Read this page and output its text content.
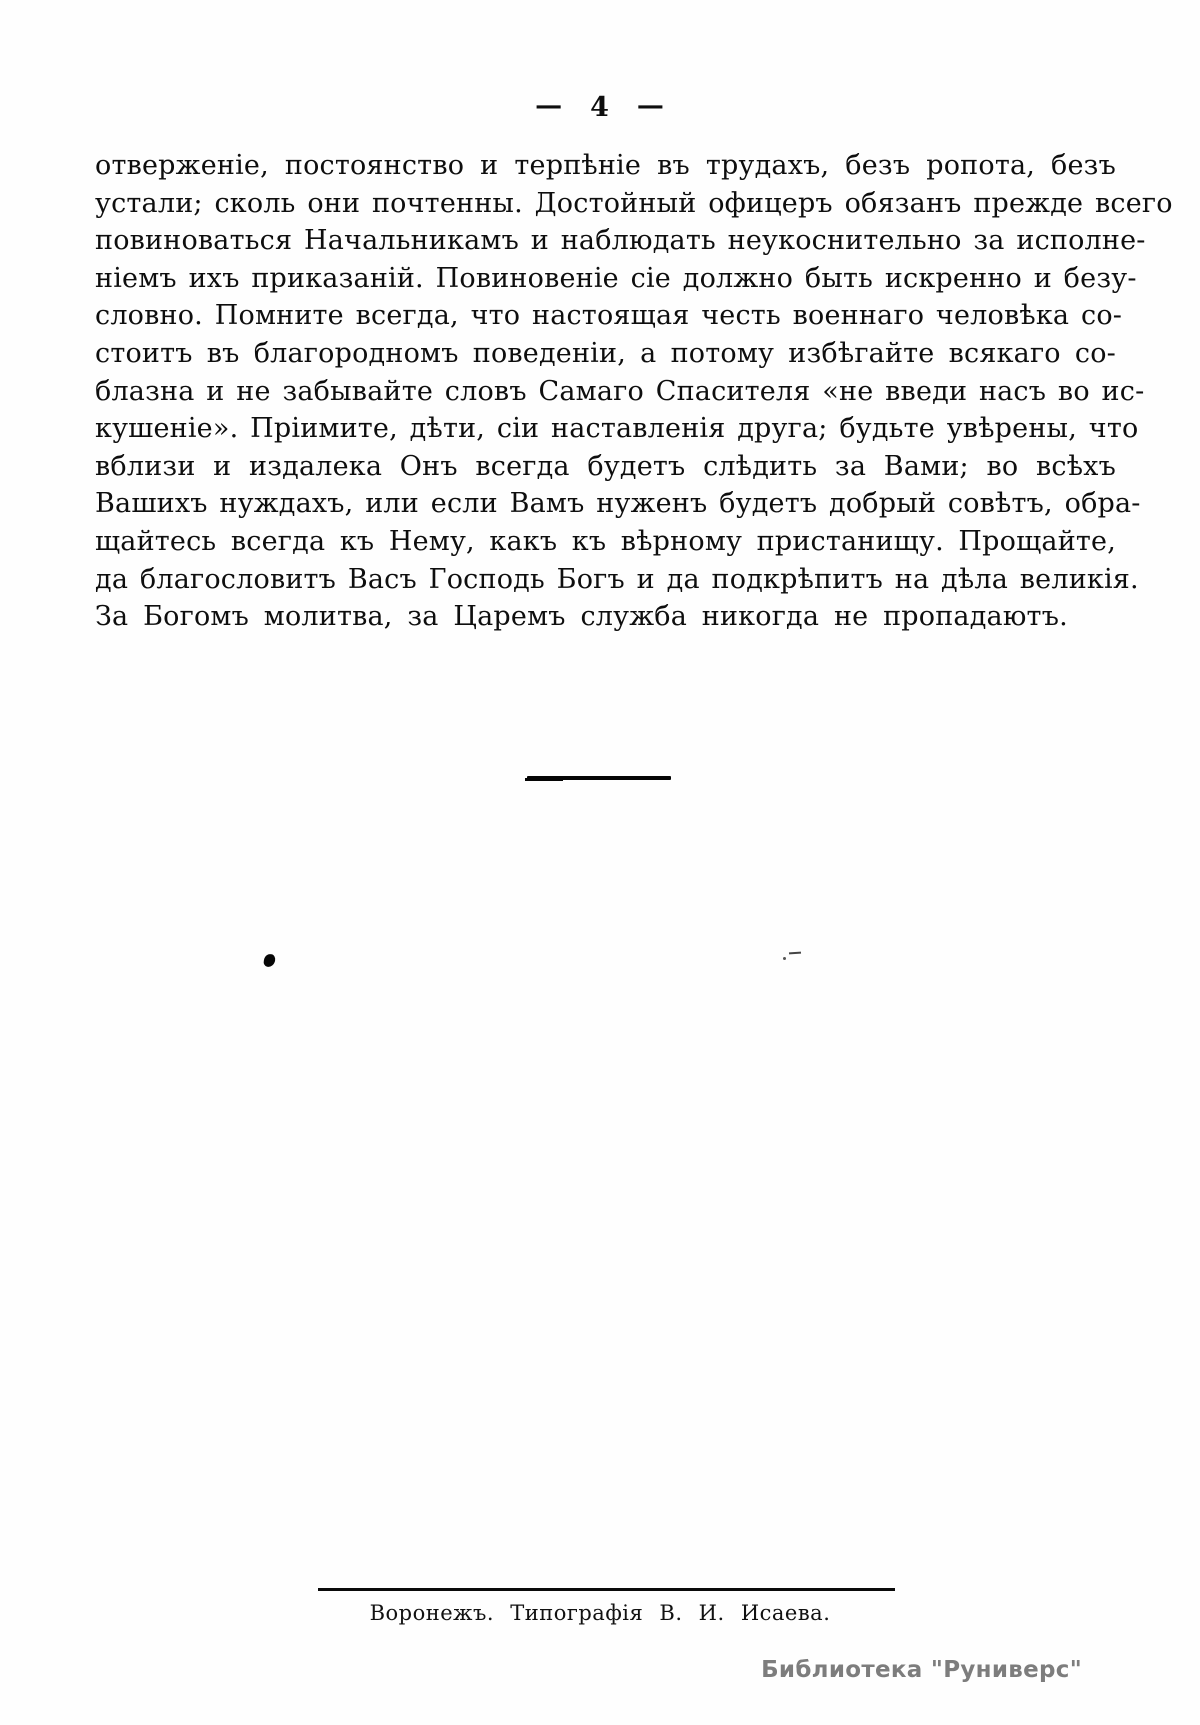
— 4 —
отверженіе, постоянство и терпѣніе въ трудахъ, безъ ропота, безъ
устали; сколь они почтенны. Достойный офицеръ обязанъ прежде всего
повиноваться Начальникамъ и наблюдать неукоснительно за исполне-
ніемъ ихъ приказаній. Повиновеніе сіе должно быть искренно и безу-
словно. Помните всегда, что настоящая честь военнаго человѣка со-
стоитъ въ благородномъ поведеніи, а потому избѣгайте всякаго со-
блазна и не забывайте словъ Самаго Спасителя «не введи насъ во ис-
кушеніе». Пріимите, дѣти, сіи наставленія друга; будьте увѣрены, что
вблизи и издалека Онъ всегда будетъ слѣдить за Вами; во всѣхъ
Вашихъ нуждахъ, или если Вамъ нуженъ будетъ добрый совѣтъ, обра-
щайтесь всегда къ Нему, какъ къ вѣрному пристанищу. Прощайте,
да благословитъ Васъ Господь Богъ и да подкрѣпитъ на дѣла великія.
За Богомъ молитва, за Царемъ служба никогда не пропадаютъ.
Воронежъ. Типографія В. И. Исаева.
Библиотека "Руниверс"
